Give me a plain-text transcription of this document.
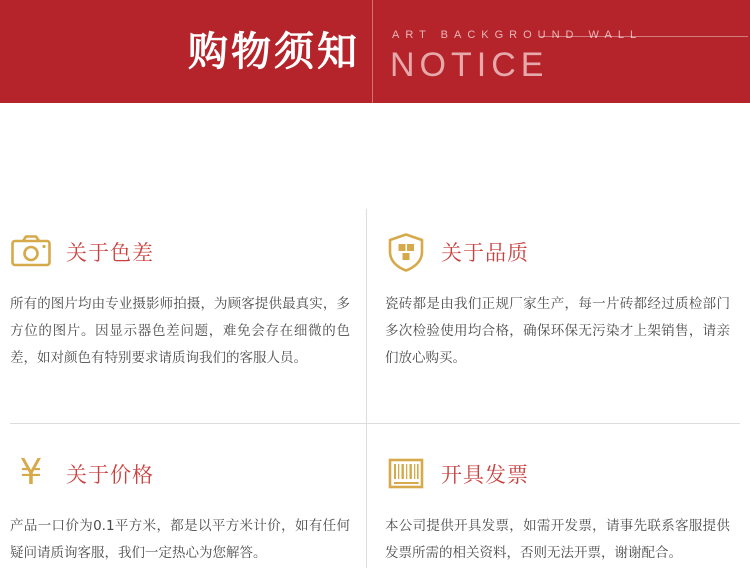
购物须知	ART BACKGROUND WALL
NOTICE
关于色差
所有的图片均由专业摄影师拍摄，为顾客提供最真实，多方位的图片。因显示器色差问题，难免会存在细微的色差，如对颜色有特别要求请质询我们的客服人员。
关于品质
瓷砖都是由我们正规厂家生产，每一片砖都经过质检部门多次检验使用均合格，确保环保无污染才上架销售，请亲们放心购买。
¥	关于价格
产品一口价为0.1平方米，都是以平方米计价，如有任何疑问请质询客服，我们一定热心为您解答。
开具发票
本公司提供开具发票，如需开发票，请事先联系客服提供发票所需的相关资料，否则无法开票，谢谢配合。
